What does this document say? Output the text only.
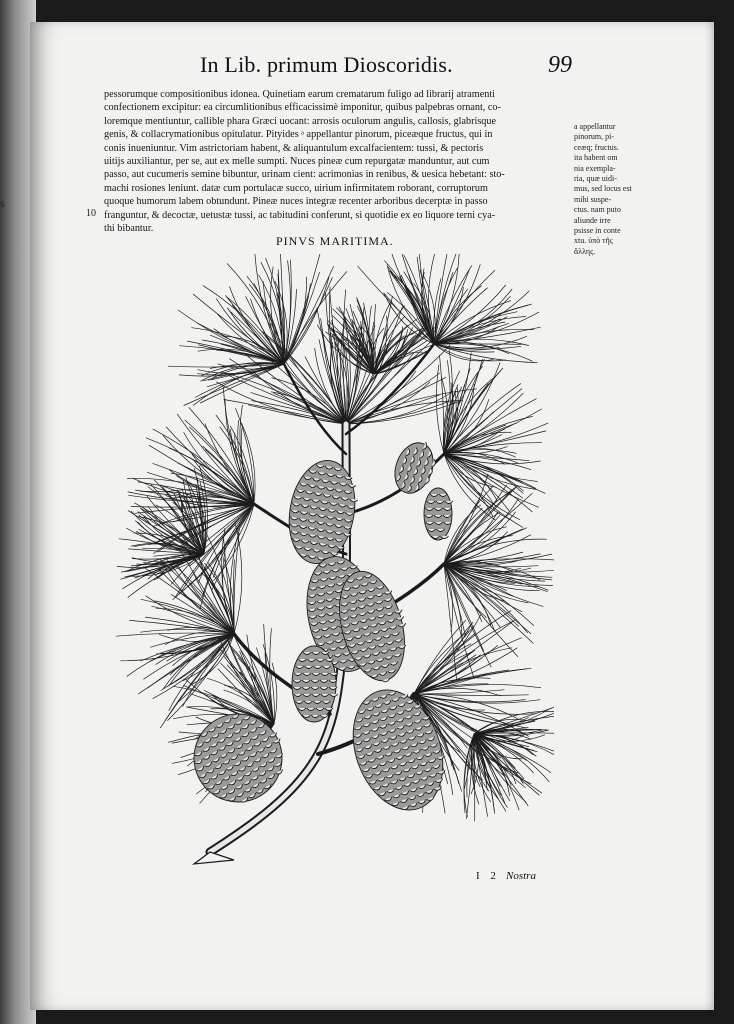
s
In Lib. primum Dioscoridis.	99
pessorumque compositionibus idonea. Quinetiam earum crematarum fuligo ad librarij atramenti
confectionem excipitur: ea circumlitionibus efficacissimè imponitur, quibus palpebras ornant, co-
loremque mentiuntur, callible phara Græci uocant: arrosis oculorum angulis, callosis, glabrisque
genis, & collacrymationibus opitulatur. Pityides ᵃ appellantur pinorum, piceæque fructus, qui in
conis inueniuntur. Vim astrictoriam habent, & aliquantulum excalfacientem: tussi, & pectoris
uitijs auxiliantur, per se, aut ex melle sumpti. Nuces pineæ cum repurgatæ manduntur, aut cum
passo, aut cucumeris semine bibuntur, urinam cient: acrimonias in renibus, & uesica hebetant: sto-
machi rosiones leniunt. datæ cum portulacæ succo, uirium infirmitatem roborant, corruptorum
quoque humorum labem obtundunt. Pineæ nuces integræ recenter arboribus decerptæ in passo
franguntur, & decoctæ, uetustæ tussi, ac tabitudini conferunt, si quotidie ex eo liquore terni cya-
thi bibantur.
10
a appellantur
pinorum, pi-
ceæq; fructus.
ita habent om
nia exempla-
ria, quæ uidi-
mus, sed locus est
mihi suspe-
ctus. nam puto
aliunde irre
psisse in conte
xtu. ὑπὸ τῆς
ἄλλης.
PINVS MARITIMA.
I 2 Nostra
